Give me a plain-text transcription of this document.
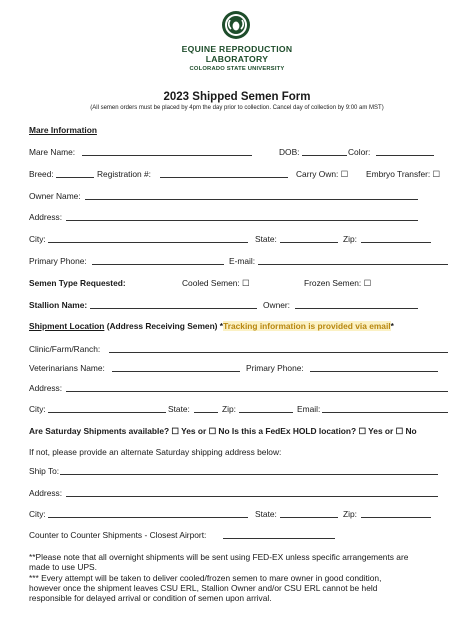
EQUINE REPRODUCTION
LABORATORY
COLORADO STATE UNIVERSITY
2023 Shipped Semen Form
(All semen orders must be placed by 4pm the day prior to collection. Cancel day of collection by 9:00 am MST)
Mare Information
Mare Name:	DOB:	Color:
Breed:	Registration #:	Carry Own: ☐ Embryo Transfer: ☐
Owner Name:
Address:
City:	State:	Zip:
Primary Phone:	E-mail:
Semen Type Requested:	Cooled Semen: ☐	Frozen Semen: ☐
Stallion Name:	Owner:
Shipment Location (Address Receiving Semen) *Tracking information is provided via email*
Clinic/Farm/Ranch:
Veterinarians Name:	Primary Phone:
Address:
City:	State:	Zip:	Email:
Are Saturday Shipments available? ☐ Yes or ☐ No Is this a FedEx HOLD location? ☐ Yes or ☐ No
If not, please provide an alternate Saturday shipping address below:
Ship To:
Address:
City:	State:	Zip:
Counter to Counter Shipments - Closest Airport:
**Please note that all overnight shipments will be sent using FED-EX unless specific arrangements are
made to use UPS.
*** Every attempt will be taken to deliver cooled/frozen semen to mare owner in good condition,
however once the shipment leaves CSU ERL, Stallion Owner and/or CSU ERL cannot be held
responsible for delayed arrival or condition of semen upon arrival.
